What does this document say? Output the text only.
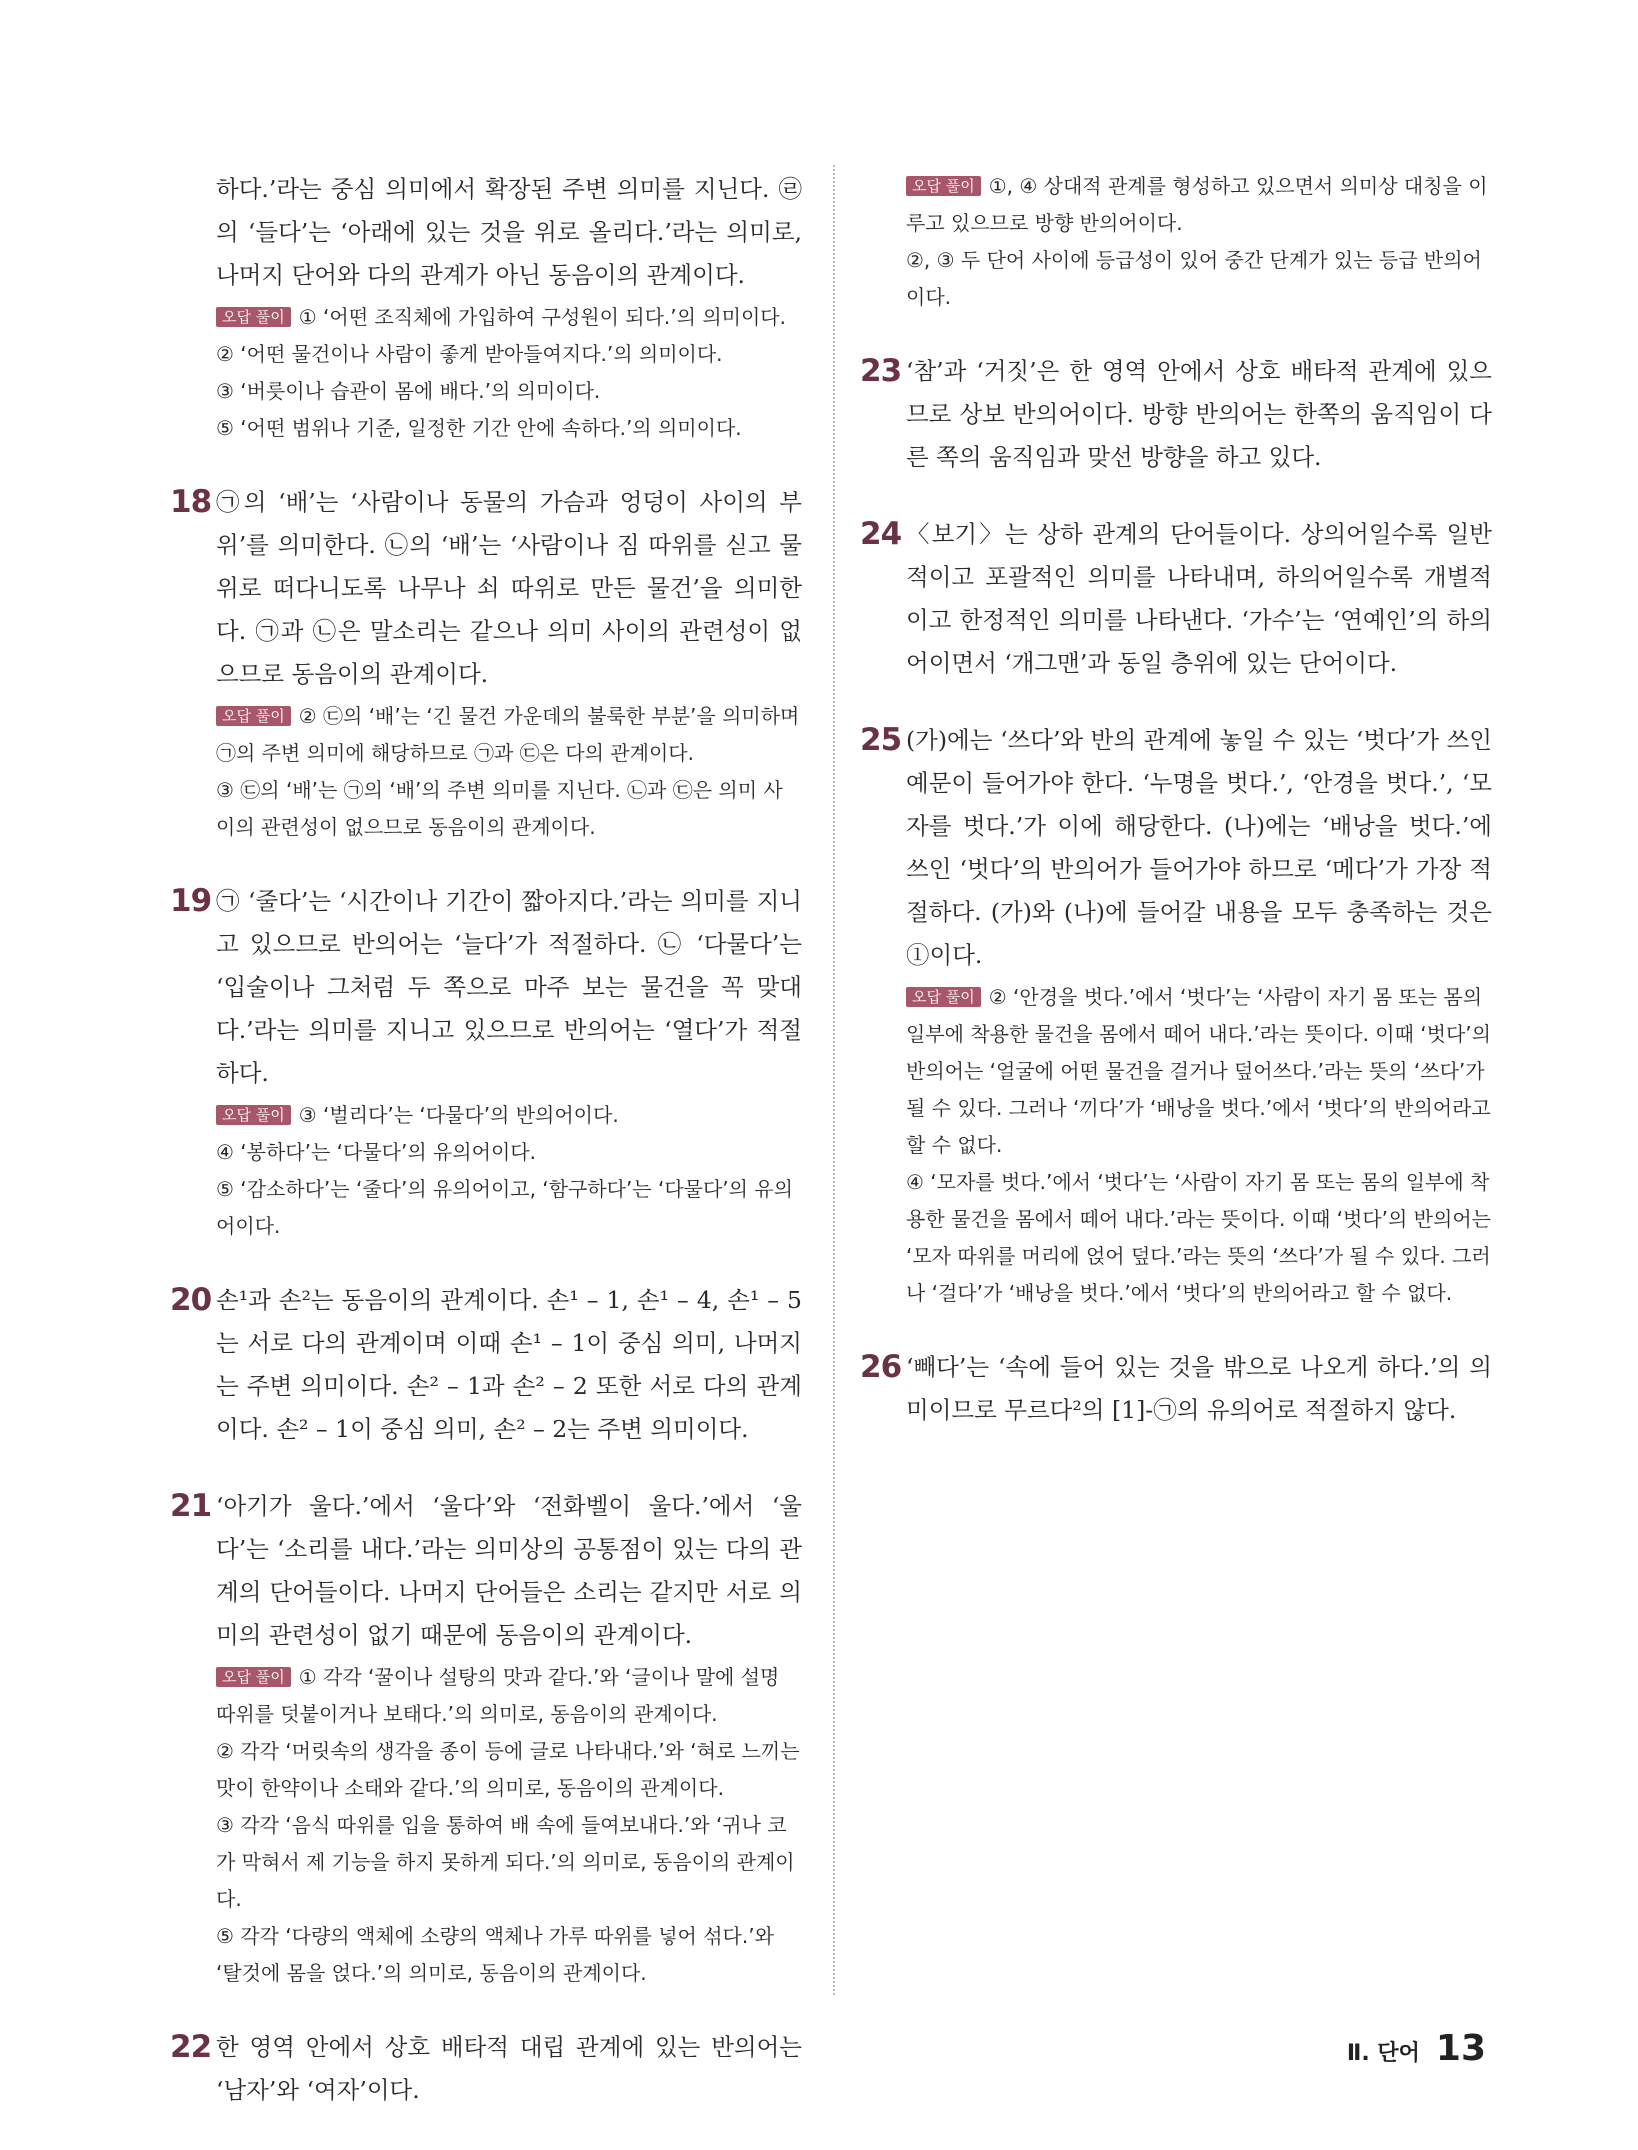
하다.’라는 중심 의미에서 확장된 주변 의미를 지닌다. ㉣의 ‘들다’는 ‘아래에 있는 것을 위로 올리다.’라는 의미로, 나머지 단어와 다의 관계가 아닌 동음이의 관계이다.

오답 풀이 ① ‘어떤 조직체에 가입하여 구성원이 되다.’의 의미이다.

② ‘어떤 물건이나 사람이 좋게 받아들여지다.’의 의미이다.

③ ‘버릇이나 습관이 몸에 배다.’의 의미이다.

⑤ ‘어떤 범위나 기준, 일정한 기간 안에 속하다.’의 의미이다.

18 ㉠의 ‘배’는 ‘사람이나 동물의 가슴과 엉덩이 사이의 부위’를 의미한다. ㉡의 ‘배’는 ‘사람이나 짐 따위를 싣고 물 위로 떠다니도록 나무나 쇠 따위로 만든 물건’을 의미한다. ㉠과 ㉡은 말소리는 같으나 의미 사이의 관련성이 없으므로 동음이의 관계이다.

오답 풀이 ② ㉢의 ‘배’는 ‘긴 물건 가운데의 불룩한 부분’을 의미하며 ㉠의 주변 의미에 해당하므로 ㉠과 ㉢은 다의 관계이다.

③ ㉢의 ‘배’는 ㉠의 ‘배’의 주변 의미를 지닌다. ㉡과 ㉢은 의미 사이의 관련성이 없으므로 동음이의 관계이다.

19 ㉠ ‘줄다’는 ‘시간이나 기간이 짧아지다.’라는 의미를 지니고 있으므로 반의어는 ‘늘다’가 적절하다. ㉡ ‘다물다’는 ‘입술이나 그처럼 두 쪽으로 마주 보는 물건을 꼭 맞대다.’라는 의미를 지니고 있으므로 반의어는 ‘열다’가 적절하다.

오답 풀이 ③ ‘벌리다’는 ‘다물다’의 반의어이다.

④ ‘봉하다’는 ‘다물다’의 유의어이다.

⑤ ‘감소하다’는 ‘줄다’의 유의어이고, ‘함구하다’는 ‘다물다’의 유의어이다.

20 손¹과 손²는 동음이의 관계이다. 손¹ – 1, 손¹ – 4, 손¹ – 5는 서로 다의 관계이며 이때 손¹ – 1이 중심 의미, 나머지는 주변 의미이다. 손² – 1과 손² – 2 또한 서로 다의 관계이다. 손² – 1이 중심 의미, 손² – 2는 주변 의미이다.

21 ‘아기가 울다.’에서 ‘울다’와 ‘전화벨이 울다.’에서 ‘울다’는 ‘소리를 내다.’라는 의미상의 공통점이 있는 다의 관계의 단어들이다. 나머지 단어들은 소리는 같지만 서로 의미의 관련성이 없기 때문에 동음이의 관계이다.

오답 풀이 ① 각각 ‘꿀이나 설탕의 맛과 같다.’와 ‘글이나 말에 설명 따위를 덧붙이거나 보태다.’의 의미로, 동음이의 관계이다.

② 각각 ‘머릿속의 생각을 종이 등에 글로 나타내다.’와 ‘혀로 느끼는 맛이 한약이나 소태와 같다.’의 의미로, 동음이의 관계이다.

③ 각각 ‘음식 따위를 입을 통하여 배 속에 들여보내다.’와 ‘귀나 코가 막혀서 제 기능을 하지 못하게 되다.’의 의미로, 동음이의 관계이다.

⑤ 각각 ‘다량의 액체에 소량의 액체나 가루 따위를 넣어 섞다.’와 ‘탈것에 몸을 얹다.’의 의미로, 동음이의 관계이다.

22 한 영역 안에서 상호 배타적 대립 관계에 있는 반의어는 ‘남자’와 ‘여자’이다.

오답 풀이 ①, ④ 상대적 관계를 형성하고 있으면서 의미상 대칭을 이루고 있으므로 방향 반의어이다.

②, ③ 두 단어 사이에 등급성이 있어 중간 단계가 있는 등급 반의어이다.

23 ‘참’과 ‘거짓’은 한 영역 안에서 상호 배타적 관계에 있으므로 상보 반의어이다. 방향 반의어는 한쪽의 움직임이 다른 쪽의 움직임과 맞선 방향을 하고 있다.

24 〈보기〉는 상하 관계의 단어들이다. 상의어일수록 일반적이고 포괄적인 의미를 나타내며, 하의어일수록 개별적이고 한정적인 의미를 나타낸다. ‘가수’는 ‘연예인’의 하의어이면서 ‘개그맨’과 동일 층위에 있는 단어이다.

25 (가)에는 ‘쓰다’와 반의 관계에 놓일 수 있는 ‘벗다’가 쓰인 예문이 들어가야 한다. ‘누명을 벗다.’, ‘안경을 벗다.’, ‘모자를 벗다.’가 이에 해당한다. (나)에는 ‘배낭을 벗다.’에 쓰인 ‘벗다’의 반의어가 들어가야 하므로 ‘메다’가 가장 적절하다. (가)와 (나)에 들어갈 내용을 모두 충족하는 것은 ①이다.

오답 풀이 ② ‘안경을 벗다.’에서 ‘벗다’는 ‘사람이 자기 몸 또는 몸의 일부에 착용한 물건을 몸에서 떼어 내다.’라는 뜻이다. 이때 ‘벗다’의 반의어는 ‘얼굴에 어떤 물건을 걸거나 덮어쓰다.’라는 뜻의 ‘쓰다’가 될 수 있다. 그러나 ‘끼다’가 ‘배낭을 벗다.’에서 ‘벗다’의 반의어라고 할 수 없다.

④ ‘모자를 벗다.’에서 ‘벗다’는 ‘사람이 자기 몸 또는 몸의 일부에 착용한 물건을 몸에서 떼어 내다.’라는 뜻이다. 이때 ‘벗다’의 반의어는 ‘모자 따위를 머리에 얹어 덮다.’라는 뜻의 ‘쓰다’가 될 수 있다. 그러나 ‘걸다’가 ‘배낭을 벗다.’에서 ‘벗다’의 반의어라고 할 수 없다.

26 ‘빼다’는 ‘속에 들어 있는 것을 밖으로 나오게 하다.’의 의미이므로 무르다²의 [1]-㉠의 유의어로 적절하지 않다.

Ⅱ. 단어 13
